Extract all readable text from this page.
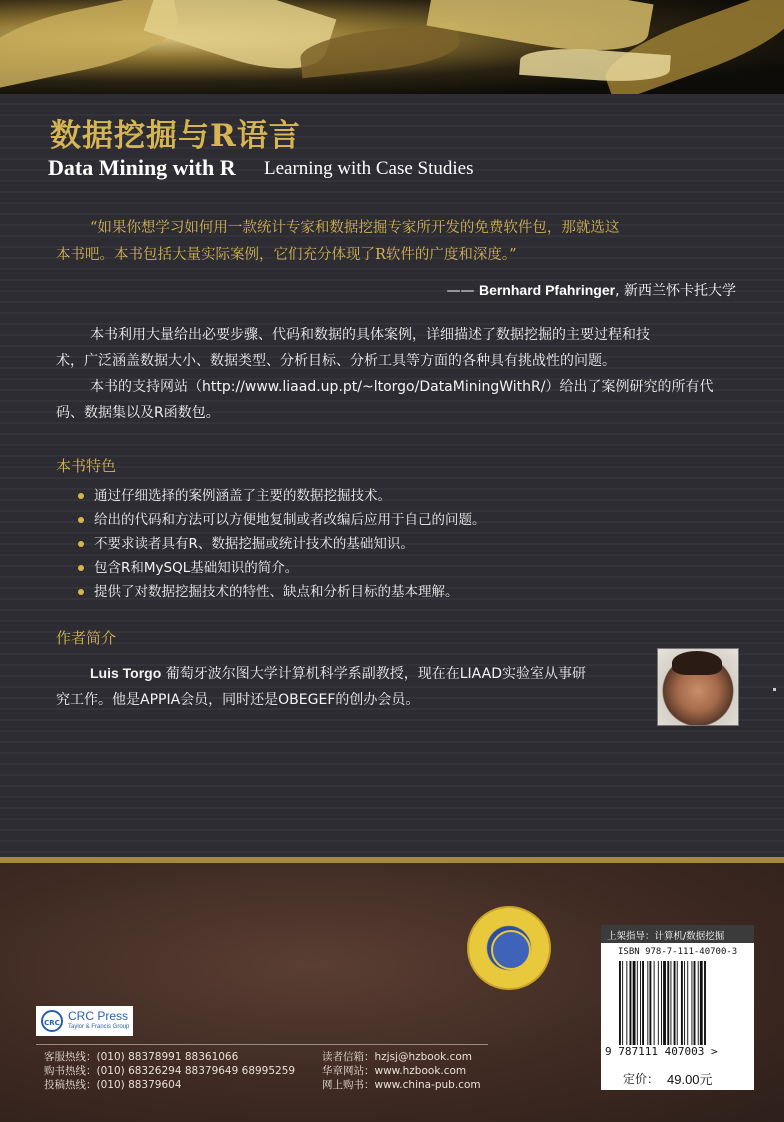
数据挖掘与R语言
Data Mining with R Learning with Case Studies
“如果你想学习如何用一款统计专家和数据挖掘专家所开发的免费软件包，那就选这
本书吧。本书包括大量实际案例，它们充分体现了R软件的广度和深度。”
—— Bernhard Pfahringer, 新西兰怀卡托大学
本书利用大量给出必要步骤、代码和数据的具体案例，详细描述了数据挖掘的主要过程和技
术，广泛涵盖数据大小、数据类型、分析目标、分析工具等方面的各种具有挑战性的问题。
本书的支持网站（http://www.liaad.up.pt/~ltorgo/DataMiningWithR/）给出了案例研究的所有代
码、数据集以及R函数包。
本书特色
通过仔细选择的案例涵盖了主要的数据挖掘技术。
给出的代码和方法可以方便地复制或者改编后应用于自己的问题。
不要求读者具有R、数据挖掘或统计技术的基础知识。
包含R和MySQL基础知识的简介。
提供了对数据挖掘技术的特性、缺点和分析目标的基本理解。
作者简介
Luis Torgo 葡萄牙波尔图大学计算机科学系副教授，现在在LIAAD实验室从事研
究工作。他是APPIA会员，同时还是OBEGEF的创办会员。
CRC CRC Press
Taylor & Francis Group
客服热线：(010) 88378991 88361066
购书热线：(010) 68326294 88379649 68995259
投稿热线：(010) 88379604
读者信箱：hzjsj@hzbook.com
华章网站：www.hzbook.com
网上购书：www.china-pub.com
上架指导：计算机/数据挖掘
ISBN 978-7-111-40700-3
9 787111 407003 >
定价： 49.00元
